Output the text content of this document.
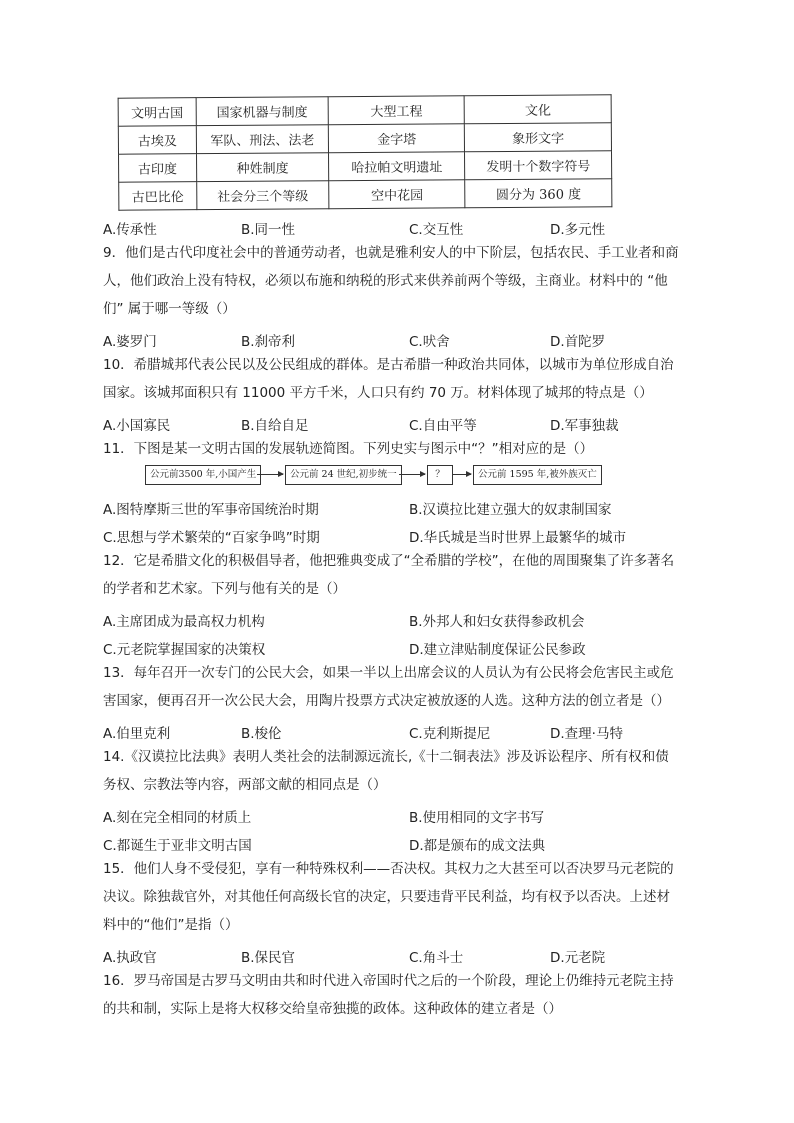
文明古国	国家机器与制度	大型工程	文化
古埃及	军队、刑法、法老	金字塔	象形文字
古印度	种姓制度	哈拉帕文明遗址	发明十个数字符号
古巴比伦	社会分三个等级	空中花园	圆分为 360 度
A.传承性	B.同一性	C.交互性	D.多元性
9．他们是古代印度社会中的普通劳动者，也就是雅利安人的中下阶层，包括农民、手工业者和商
人，他们政治上没有特权，必须以布施和纳税的形式来供养前两个等级，主商业。材料中的 “他
们” 属于哪一等级（）
A.婆罗门	B.刹帝利	C.吠舍	D.首陀罗
10．希腊城邦代表公民以及公民组成的群体。是古希腊一种政治共同体，以城市为单位形成自治
国家。该城邦面积只有 11000 平方千米，人口只有约 70 万。材料体现了城邦的特点是（）
A.小国寡民	B.自给自足	C.自由平等	D.军事独裁
11．下图是某一文明古国的发展轨迹简图。下列史实与图示中“？”相对应的是（）
公元前3500 年,小国产生	公元前 24 世纪,初步统一	？	公元前 1595 年,被外族灭亡
A.图特摩斯三世的军事帝国统治时期	B.汉谟拉比建立强大的奴隶制国家
C.思想与学术繁荣的“百家争鸣”时期	D.华氏城是当时世界上最繁华的城市
12．它是希腊文化的积极倡导者，他把雅典变成了“全希腊的学校”，在他的周围聚集了许多著名
的学者和艺术家。下列与他有关的是（）
A.主席团成为最高权力机构	B.外邦人和妇女获得参政机会
C.元老院掌握国家的决策权	D.建立津贴制度保证公民参政
13．每年召开一次专门的公民大会，如果一半以上出席会议的人员认为有公民将会危害民主或危
害国家，便再召开一次公民大会，用陶片投票方式决定被放逐的人选。这种方法的创立者是（）
A.伯里克利	B.梭伦	C.克利斯提尼	D.查理·马特
14.《汉谟拉比法典》表明人类社会的法制源远流长,《十二铜表法》涉及诉讼程序、所有权和债
务权、宗教法等内容，两部文献的相同点是（）
A.刻在完全相同的材质上	B.使用相同的文字书写
C.都诞生于亚非文明古国	D.都是颁布的成文法典
15．他们人身不受侵犯，享有一种特殊权利——否决权。其权力之大甚至可以否决罗马元老院的
决议。除独裁官外，对其他任何高级长官的决定，只要违背平民利益，均有权予以否决。上述材
料中的“他们”是指（）
A.执政官	B.保民官	C.角斗士	D.元老院
16．罗马帝国是古罗马文明由共和时代进入帝国时代之后的一个阶段，理论上仍维持元老院主持
的共和制，实际上是将大权移交给皇帝独揽的政体。这种政体的建立者是（）
